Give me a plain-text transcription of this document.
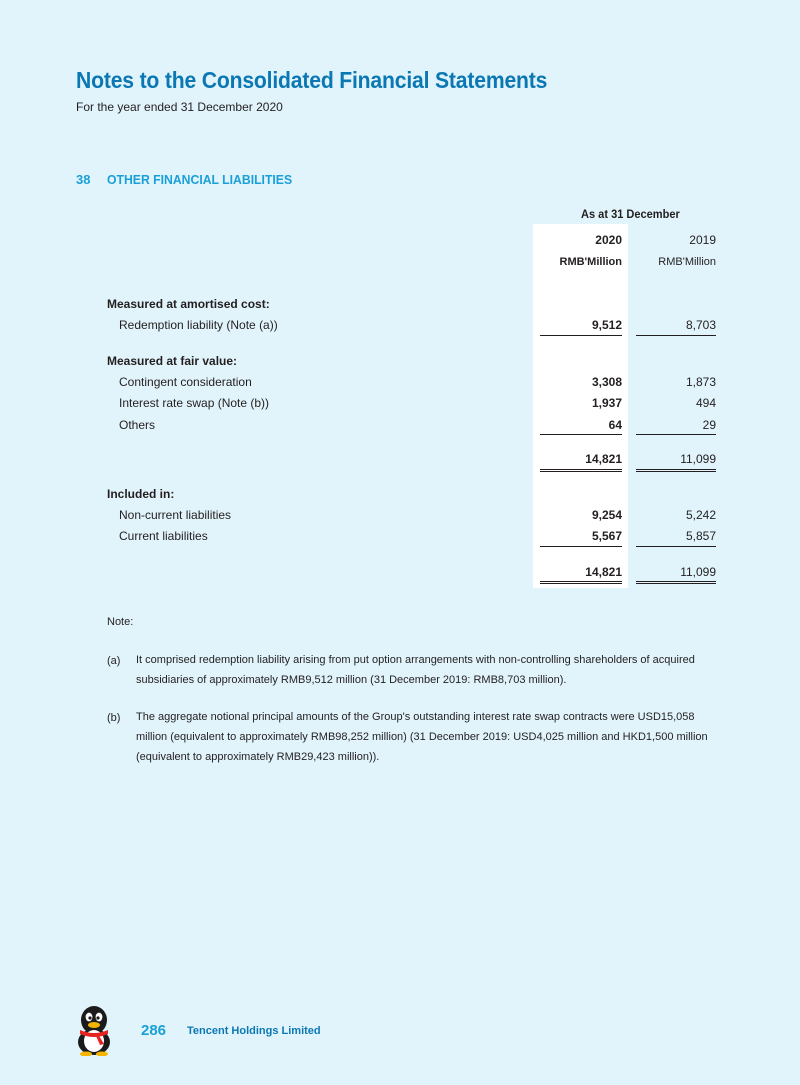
Notes to the Consolidated Financial Statements
For the year ended 31 December 2020
38 OTHER FINANCIAL LIABILITIES
As at 31 December
2020	2019
RMB'Million	RMB'Million
Measured at amortised cost:
Redemption liability (Note (a))	9,512	8,703
Measured at fair value:
Contingent consideration	3,308	1,873
Interest rate swap (Note (b))	1,937	494
Others	64	29
14,821	11,099
Included in:
Non-current liabilities	9,254	5,242
Current liabilities	5,567	5,857
14,821	11,099
Note:
(a) It comprised redemption liability arising from put option arrangements with non-controlling shareholders of acquired subsidiaries of approximately RMB9,512 million (31 December 2019: RMB8,703 million).
(b) The aggregate notional principal amounts of the Group's outstanding interest rate swap contracts were USD15,058 million (equivalent to approximately RMB98,252 million) (31 December 2019: USD4,025 million and HKD1,500 million (equivalent to approximately RMB29,423 million)).
286 Tencent Holdings Limited
